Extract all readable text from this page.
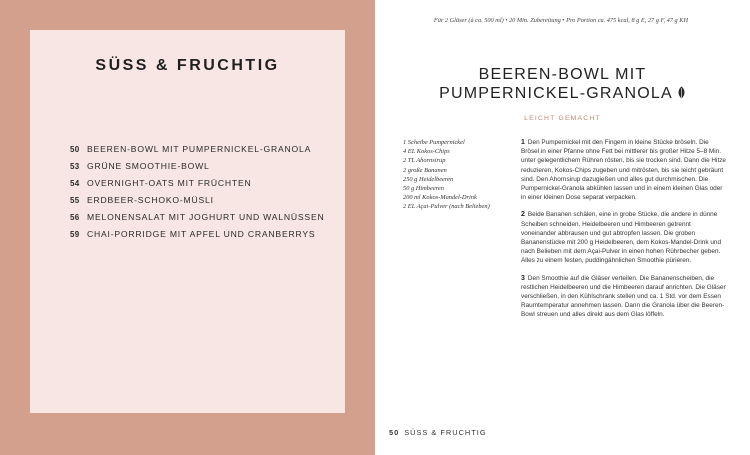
SÜSS & FRUCHTIG
50 BEEREN-BOWL MIT PUMPERNICKEL-GRANOLA
53 GRÜNE SMOOTHIE-BOWL
54 OVERNIGHT-OATS MIT FRÜCHTEN
55 ERDBEER-SCHOKO-MÜSLI
56 MELONENSALAT MIT JOGHURT UND WALNÜSSEN
59 CHAI-PORRIDGE MIT APFEL UND CRANBERRYS
Für 2 Gläser (à ca. 500 ml) • 20 Min. Zubereitung • Pro Portion ca. 475 kcal, 8 g E, 27 g F, 47 g KH
BEEREN-BOWL MIT
PUMPERNICKEL-GRANOLA
LEICHT GEMACHT
1 Scheibe Pumpernickel
4 EL Kokos-Chips
2 TL Ahornsirup
2 große Bananen
250 g Heidelbeeren
50 g Himbeeren
200 ml Kokos-Mandel-Drink
2 EL Açai-Pulver (nach Belieben)

1 Den Pumpernickel mit den Fingern in kleine Stücke bröseln. Die Brösel in einer Pfanne ohne Fett bei mittlerer bis großer Hitze 5–8 Min. unter gelegentlichem Rühren rösten, bis sie trocken sind. Dann die Hitze reduzieren, Kokos-Chips zugeben und mitrösten, bis sie leicht gebräunt sind. Den Ahornsirup dazugießen und alles gut durchmischen. Die Pumpernickel-Granola abkühlen lassen und in einem kleinen Glas oder in einer kleinen Dose separat verpacken.

2 Beide Bananen schälen, eine in grobe Stücke, die andere in dünne Scheiben schneiden. Heidelbeeren und Himbeeren getrennt voneinander abbrausen und gut abtropfen lassen. Die groben Bananenstücke mit 200 g Heidelbeeren, dem Kokos-Mandel-Drink und nach Belieben mit dem Açai-Pulver in einen hohen Rührbecher geben. Alles zu einem festen, puddingähnlichen Smoothie pürieren.

3 Den Smoothie auf die Gläser verteilen. Die Bananenscheiben, die restlichen Heidelbeeren und die Himbeeren darauf anrichten. Die Gläser verschließen, in den Kühlschrank stellen und ca. 1 Std. vor dem Essen Raumtemperatur annehmen lassen. Dann die Granola über die Beeren-Bowl streuen und alles direkt aus dem Glas löffeln.

50 SÜSS & FRUCHTIG
